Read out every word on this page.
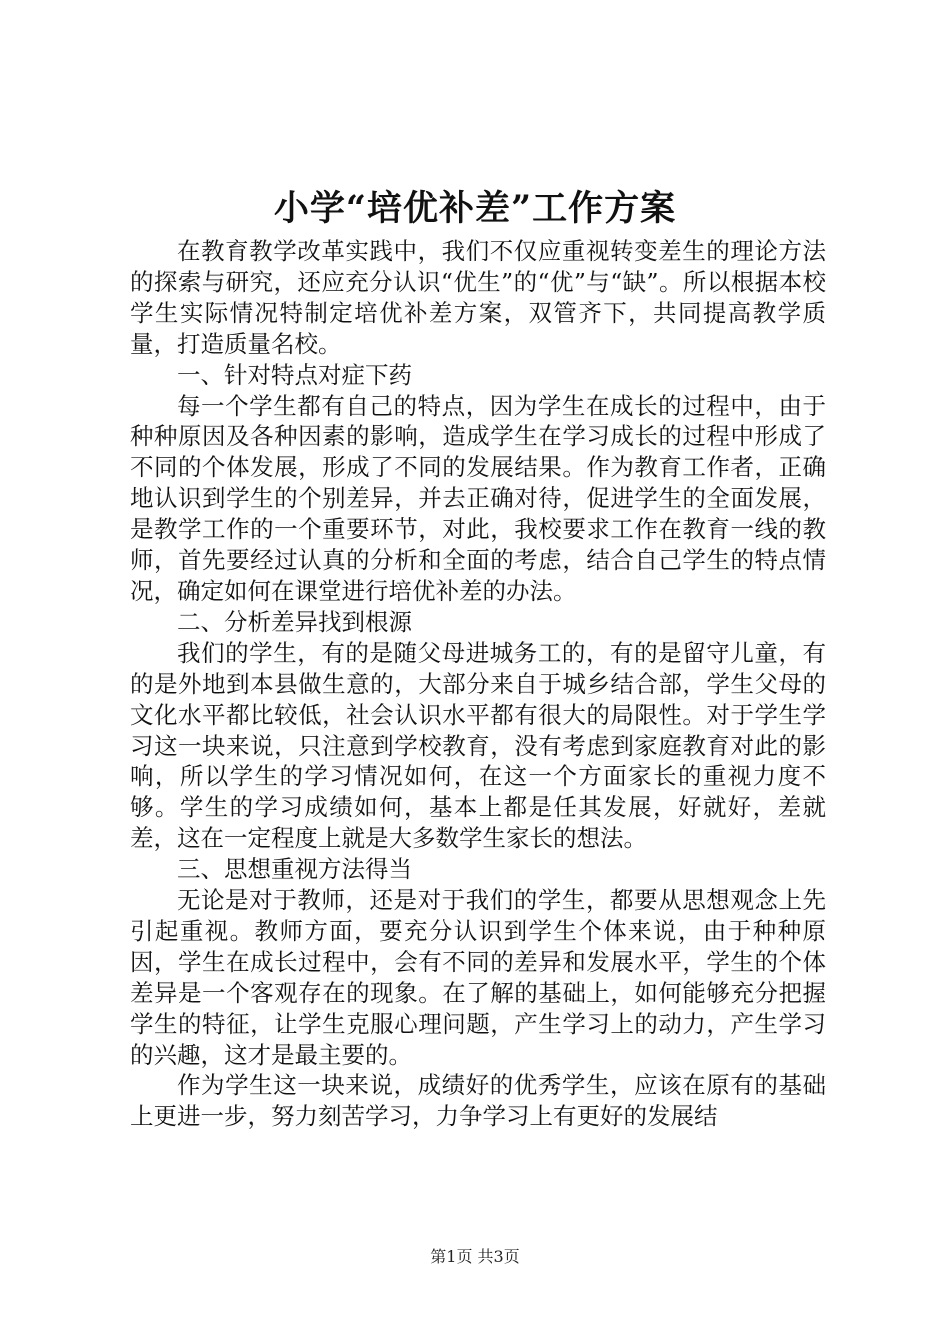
小学“培优补差”工作方案

在教育教学改革实践中，我们不仅应重视转变差生的理论方法的探索与研究，还应充分认识“优生”的“优”与“缺”。所以根据本校学生实际情况特制定培优补差方案，双管齐下，共同提高教学质量，打造质量名校。

一、针对特点对症下药

每一个学生都有自己的特点，因为学生在成长的过程中，由于种种原因及各种因素的影响，造成学生在学习成长的过程中形成了不同的个体发展，形成了不同的发展结果。作为教育工作者，正确地认识到学生的个别差异，并去正确对待，促进学生的全面发展，是教学工作的一个重要环节，对此，我校要求工作在教育一线的教师，首先要经过认真的分析和全面的考虑，结合自己学生的特点情况，确定如何在课堂进行培优补差的办法。

二、分析差异找到根源

我们的学生，有的是随父母进城务工的，有的是留守儿童，有的是外地到本县做生意的，大部分来自于城乡结合部，学生父母的文化水平都比较低，社会认识水平都有很大的局限性。对于学生学习这一块来说，只注意到学校教育，没有考虑到家庭教育对此的影响，所以学生的学习情况如何，在这一个方面家长的重视力度不够。学生的学习成绩如何，基本上都是任其发展，好就好，差就差，这在一定程度上就是大多数学生家长的想法。

三、思想重视方法得当

无论是对于教师，还是对于我们的学生，都要从思想观念上先引起重视。教师方面，要充分认识到学生个体来说，由于种种原因，学生在成长过程中，会有不同的差异和发展水平，学生的个体差异是一个客观存在的现象。在了解的基础上，如何能够充分把握学生的特征，让学生克服心理问题，产生学习上的动力，产生学习的兴趣，这才是最主要的。

作为学生这一块来说，成绩好的优秀学生，应该在原有的基础上更进一步，努力刻苦学习，力争学习上有更好的发展结

第1页 共3页
